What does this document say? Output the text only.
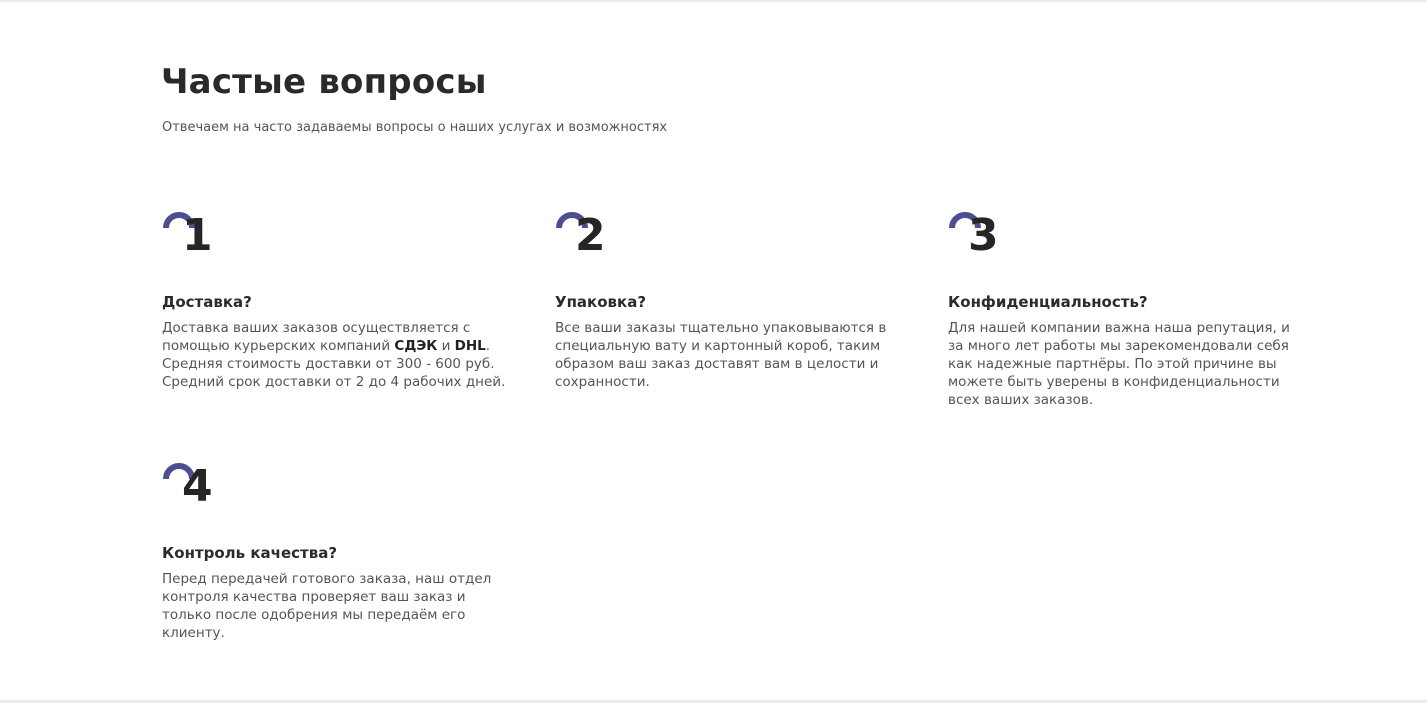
Частые вопросы

Отвечаем на часто задаваемы вопросы о наших услугах и возможностях

1
Доставка?

Доставка ваших заказов осуществляется с помощью курьерских компаний СДЭК и DHL. Средняя стоимость доставки от 300 - 600 руб. Средний срок доставки от 2 до 4 рабочих дней.

2
Упаковка?

Все ваши заказы тщательно упаковываются в специальную вату и картонный короб, таким образом ваш заказ доставят вам в целости и сохранности.

3
Конфиденциальность?

Для нашей компании важна наша репутация, и за много лет работы мы зарекомендовали себя как надежные партнёры. По этой причине вы можете быть уверены в конфиденциальности всех ваших заказов.

4
Контроль качества?

Перед передачей готового заказа, наш отдел контроля качества проверяет ваш заказ и только после одобрения мы передаём его клиенту.
